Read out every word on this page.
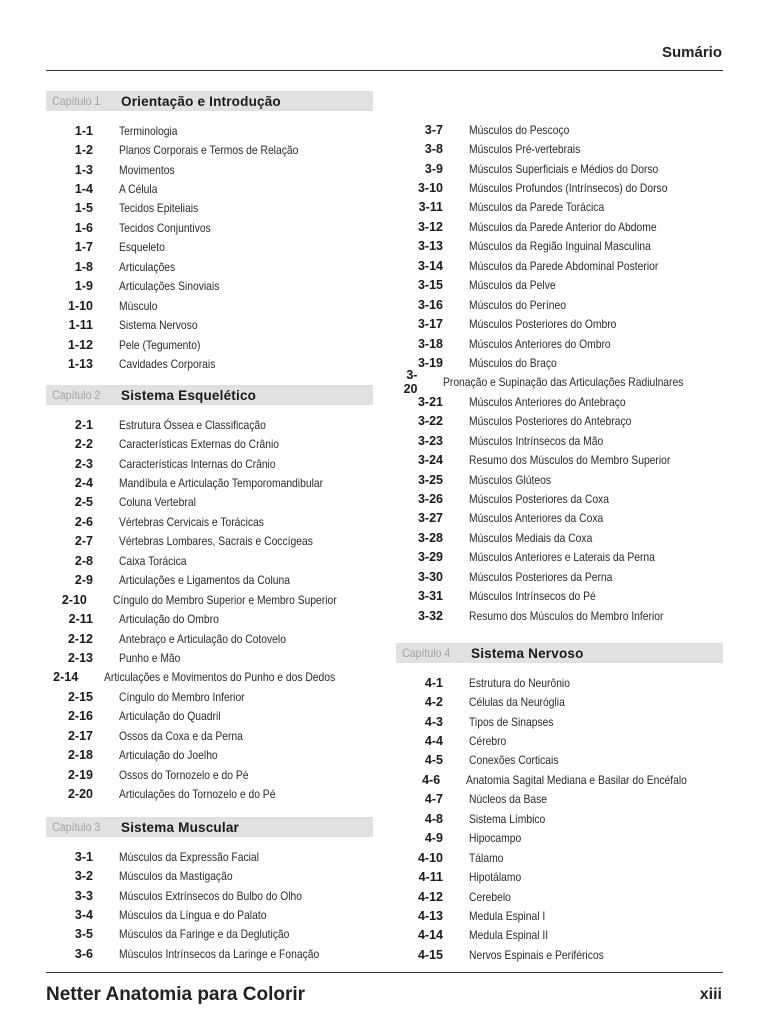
Sumário
Capítulo 1	Orientação e Introdução
1-1 Terminologia
1-2 Planos Corporais e Termos de Relação
1-3 Movimentos
1-4 A Célula
1-5 Tecidos Epiteliais
1-6 Tecidos Conjuntivos
1-7 Esqueleto
1-8 Articulações
1-9 Articulações Sinoviais
1-10 Músculo
1-11 Sistema Nervoso
1-12 Pele (Tegumento)
1-13 Cavidades Corporais
Capítulo 2	Sistema Esquelético
2-1 Estrutura Óssea e Classificação
2-2 Características Externas do Crânio
2-3 Características Internas do Crânio
2-4 Mandíbula e Articulação Temporomandibular
2-5 Coluna Vertebral
2-6 Vértebras Cervicais e Torácicas
2-7 Vértebras Lombares, Sacrais e Coccígeas
2-8 Caixa Torácica
2-9 Articulações e Ligamentos da Coluna
2-10 Cíngulo do Membro Superior e Membro Superior
2-11 Articulação do Ombro
2-12 Antebraço e Articulação do Cotovelo
2-13 Punho e Mão
2-14 Articulações e Movimentos do Punho e dos Dedos
2-15 Cíngulo do Membro Inferior
2-16 Articulação do Quadril
2-17 Ossos da Coxa e da Perna
2-18 Articulação do Joelho
2-19 Ossos do Tornozelo e do Pé
2-20 Articulações do Tornozelo e do Pé
Capítulo 3	Sistema Muscular
3-1 Músculos da Expressão Facial
3-2 Músculos da Mastigação
3-3 Músculos Extrínsecos do Bulbo do Olho
3-4 Músculos da Língua e do Palato
3-5 Músculos da Faringe e da Deglutição
3-6 Músculos Intrínsecos da Laringe e Fonação
3-7 Músculos do Pescoço
3-8 Músculos Pré-vertebrais
3-9 Músculos Superficiais e Médios do Dorso
3-10 Músculos Profundos (Intrínsecos) do Dorso
3-11 Músculos da Parede Torácica
3-12 Músculos da Parede Anterior do Abdome
3-13 Músculos da Região Inguinal Masculina
3-14 Músculos da Parede Abdominal Posterior
3-15 Músculos da Pelve
3-16 Músculos do Períneo
3-17 Músculos Posteriores do Ombro
3-18 Músculos Anteriores do Ombro
3-19 Músculos do Braço
3-20 Pronação e Supinação das Articulações Radiulnares
3-21 Músculos Anteriores do Antebraço
3-22 Músculos Posteriores do Antebraço
3-23 Músculos Intrínsecos da Mão
3-24 Resumo dos Músculos do Membro Superior
3-25 Músculos Glúteos
3-26 Músculos Posteriores da Coxa
3-27 Músculos Anteriores da Coxa
3-28 Músculos Mediais da Coxa
3-29 Músculos Anteriores e Laterais da Perna
3-30 Músculos Posteriores da Perna
3-31 Músculos Intrínsecos do Pé
3-32 Resumo dos Músculos do Membro Inferior
Capítulo 4	Sistema Nervoso
4-1 Estrutura do Neurônio
4-2 Células da Neuróglia
4-3 Tipos de Sinapses
4-4 Cérebro
4-5 Conexões Corticais
4-6 Anatomia Sagital Mediana e Basilar do Encéfalo
4-7 Núcleos da Base
4-8 Sistema Límbico
4-9 Hipocampo
4-10 Tálamo
4-11 Hipotálamo
4-12 Cerebelo
4-13 Medula Espinal I
4-14 Medula Espinal II
4-15 Nervos Espinais e Periféricos
Netter Anatomia para Colorir	xiii
